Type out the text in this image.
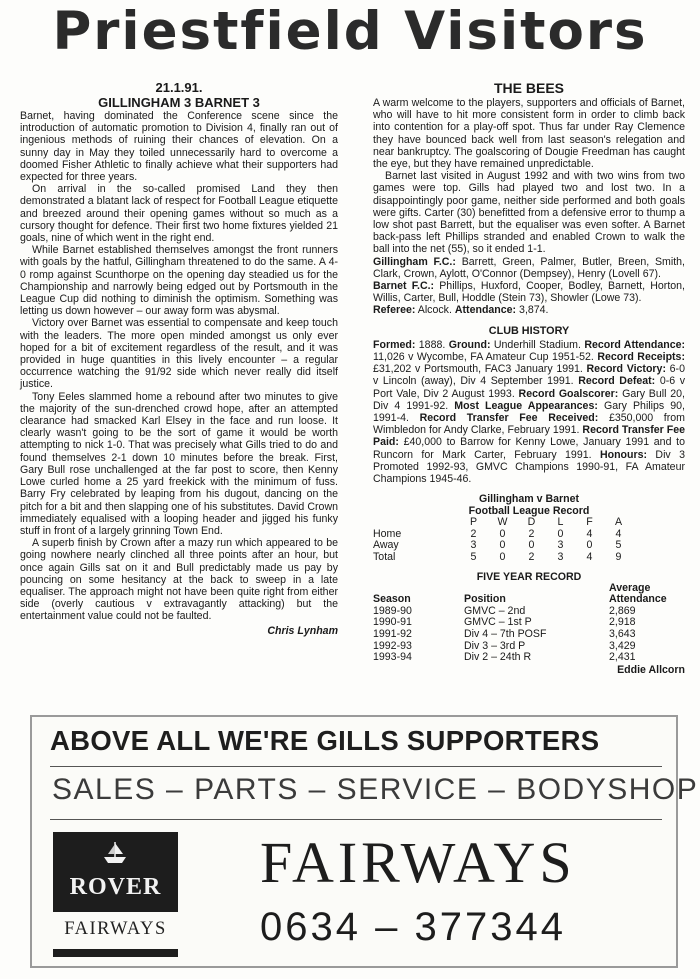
Priestfield Visitors
21.1.91.
GILLINGHAM 3 BARNET 3

Barnet, having dominated the Conference scene since the introduction of automatic promotion to Division 4, finally ran out of ingenious methods of ruining their chances of elevation. On a sunny day in May they toiled unnecessarily hard to overcome a doomed Fisher Athletic to finally achieve what their supporters had expected for three years.

On arrival in the so-called promised Land they then demonstrated a blatant lack of respect for Football League etiquette and breezed around their opening games without so much as a cursory thought for defence. Their first two home fixtures yielded 21 goals, nine of which went in the right end.

While Barnet established themselves amongst the front runners with goals by the hatful, Gillingham threatened to do the same. A 4-0 romp against Scunthorpe on the opening day steadied us for the Championship and narrowly being edged out by Portsmouth in the League Cup did nothing to diminish the optimism. Something was letting us down however – our away form was abysmal.

Victory over Barnet was essential to compensate and keep touch with the leaders. The more open minded amongst us only ever hoped for a bit of excitement regardless of the result, and it was provided in huge quantities in this lively encounter – a regular occurrence watching the 91/92 side which never really did itself justice.

Tony Eeles slammed home a rebound after two minutes to give the majority of the sun-drenched crowd hope, after an attempted clearance had smacked Karl Elsey in the face and run loose. It clearly wasn't going to be the sort of game it would be worth attempting to nick 1-0. That was precisely what Gills tried to do and found themselves 2-1 down 10 minutes before the break. First, Gary Bull rose unchallenged at the far post to score, then Kenny Lowe curled home a 25 yard freekick with the minimum of fuss. Barry Fry celebrated by leaping from his dugout, dancing on the pitch for a bit and then slapping one of his substitutes. David Crown immediately equalised with a looping header and jigged his funky stuff in front of a largely grinning Town End.

A superb finish by Crown after a mazy run which appeared to be going nowhere nearly clinched all three points after an hour, but once again Gills sat on it and Bull predictably made us pay by pouncing on some hesitancy at the back to sweep in a late equaliser. The approach might not have been quite right from either side (overly cautious v extravagantly attacking) but the entertainment value could not be faulted.

Chris Lynham
THE BEES

A warm welcome to the players, supporters and officials of Barnet, who will have to hit more consistent form in order to climb back into contention for a play-off spot. Thus far under Ray Clemence they have bounced back well from last season's relegation and near bankruptcy. The goalscoring of Dougie Freedman has caught the eye, but they have remained unpredictable.

Barnet last visited in August 1992 and with two wins from two games were top. Gills had played two and lost two. In a disappointingly poor game, neither side performed and both goals were gifts. Carter (30) benefitted from a defensive error to thump a low shot past Barrett, but the equaliser was even softer. A Barnet back-pass left Phillips stranded and enabled Crown to walk the ball into the net (55), so it ended 1-1.

Gillingham F.C.: Barrett, Green, Palmer, Butler, Breen, Smith, Clark, Crown, Aylott, O'Connor (Dempsey), Henry (Lovell 67).

Barnet F.C.: Phillips, Huxford, Cooper, Bodley, Barnett, Horton, Willis, Carter, Bull, Hoddle (Stein 73), Showler (Lowe 73).

Referee: Alcock. Attendance: 3,874.

CLUB HISTORY

Formed: 1888. Ground: Underhill Stadium. Record Attendance: 11,026 v Wycombe, FA Amateur Cup 1951-52. Record Receipts: £31,202 v Portsmouth, FAC3 January 1991. Record Victory: 6-0 v Lincoln (away), Div 4 September 1991. Record Defeat: 0-6 v Port Vale, Div 2 August 1993. Record Goalscorer: Gary Bull 20, Div 4 1991-92. Most League Appearances: Gary Philips 90, 1991-4. Record Transfer Fee Received: £350,000 from Wimbledon for Andy Clarke, February 1991. Record Transfer Fee Paid: £40,000 to Barrow for Kenny Lowe, January 1991 and to Runcorn for Mark Carter, February 1991. Honours: Div 3 Promoted 1992-93, GMVC Champions 1990-91, FA Amateur Champions 1945-46.

Gillingham v Barnet
Football League Record
	P	W	D	L	F	A
Home	2	0	2	0	4	4
Away	3	0	0	3	0	5
Total	5	0	2	3	4	9
FIVE YEAR RECORD
Season	Position	Average
Attendance
1989-90	GMVC – 2nd	2,869
1990-91	GMVC – 1st P	2,918
1991-92	Div 4 – 7th POSF	3,643
1992-93	Div 3 – 3rd P	3,429
1993-94	Div 2 – 24th R	2,431
Eddie Allcorn
ABOVE ALL WE'RE GILLS SUPPORTERS
SALES – PARTS – SERVICE – BODYSHOP
ROVER
FAIRWAYS
FAIRWAYS
0634 – 377344
